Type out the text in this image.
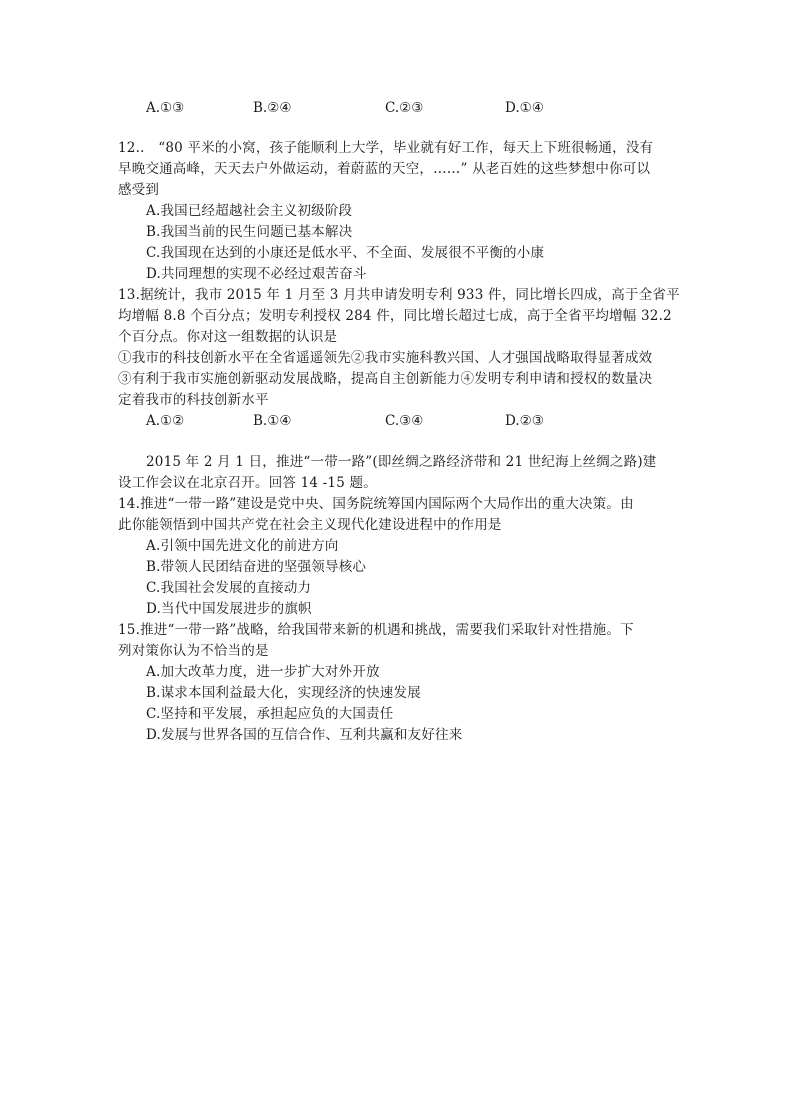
A.①③	B.②④	C.②③	D.①④
12..　“80 平米的小窝，孩子能顺利上大学，毕业就有好工作，每天上下班很畅通，没有
早晚交通高峰，天天去户外做运动，着蔚蓝的天空，……” 从老百姓的这些梦想中你可以
感受到
A.我国已经超越社会主义初级阶段
B.我国当前的民生问题已基本解决
C.我国现在达到的小康还是低水平、不全面、发展很不平衡的小康
D.共同理想的实现不必经过艰苦奋斗
13.据统计，我市 2015 年 1 月至 3 月共申请发明专利 933 件，同比增长四成，高于全省平
均增幅 8.8 个百分点；发明专利授权 284 件，同比增长超过七成，高于全省平均增幅 32.2
个百分点。你对这一组数据的认识是
①我市的科技创新水平在全省遥遥领先②我市实施科教兴国、人才强国战略取得显著成效
③有利于我市实施创新驱动发展战略，提高自主创新能力④发明专利申请和授权的数量决
定着我市的科技创新水平
A.①②	B.①④	C.③④	D.②③
2015 年 2 月 1 日，推进“一带一路”(即丝绸之路经济带和 21 世纪海上丝绸之路)建
设工作会议在北京召开。回答 14 -15 题。
14.推进“一带一路”建设是党中央、国务院统筹国内国际两个大局作出的重大决策。由
此你能领悟到中国共产党在社会主义现代化建设进程中的作用是
A.引领中国先进文化的前进方向
B.带领人民团结奋进的坚强领导核心
C.我国社会发展的直接动力
D.当代中国发展进步的旗帜
15.推进“一带一路”战略，给我国带来新的机遇和挑战，需要我们采取针对性措施。下
列对策你认为不恰当的是
A.加大改革力度，进一步扩大对外开放
B.谋求本国利益最大化，实现经济的快速发展
C.坚持和平发展，承担起应负的大国责任
D.发展与世界各国的互信合作、互利共赢和友好往来
